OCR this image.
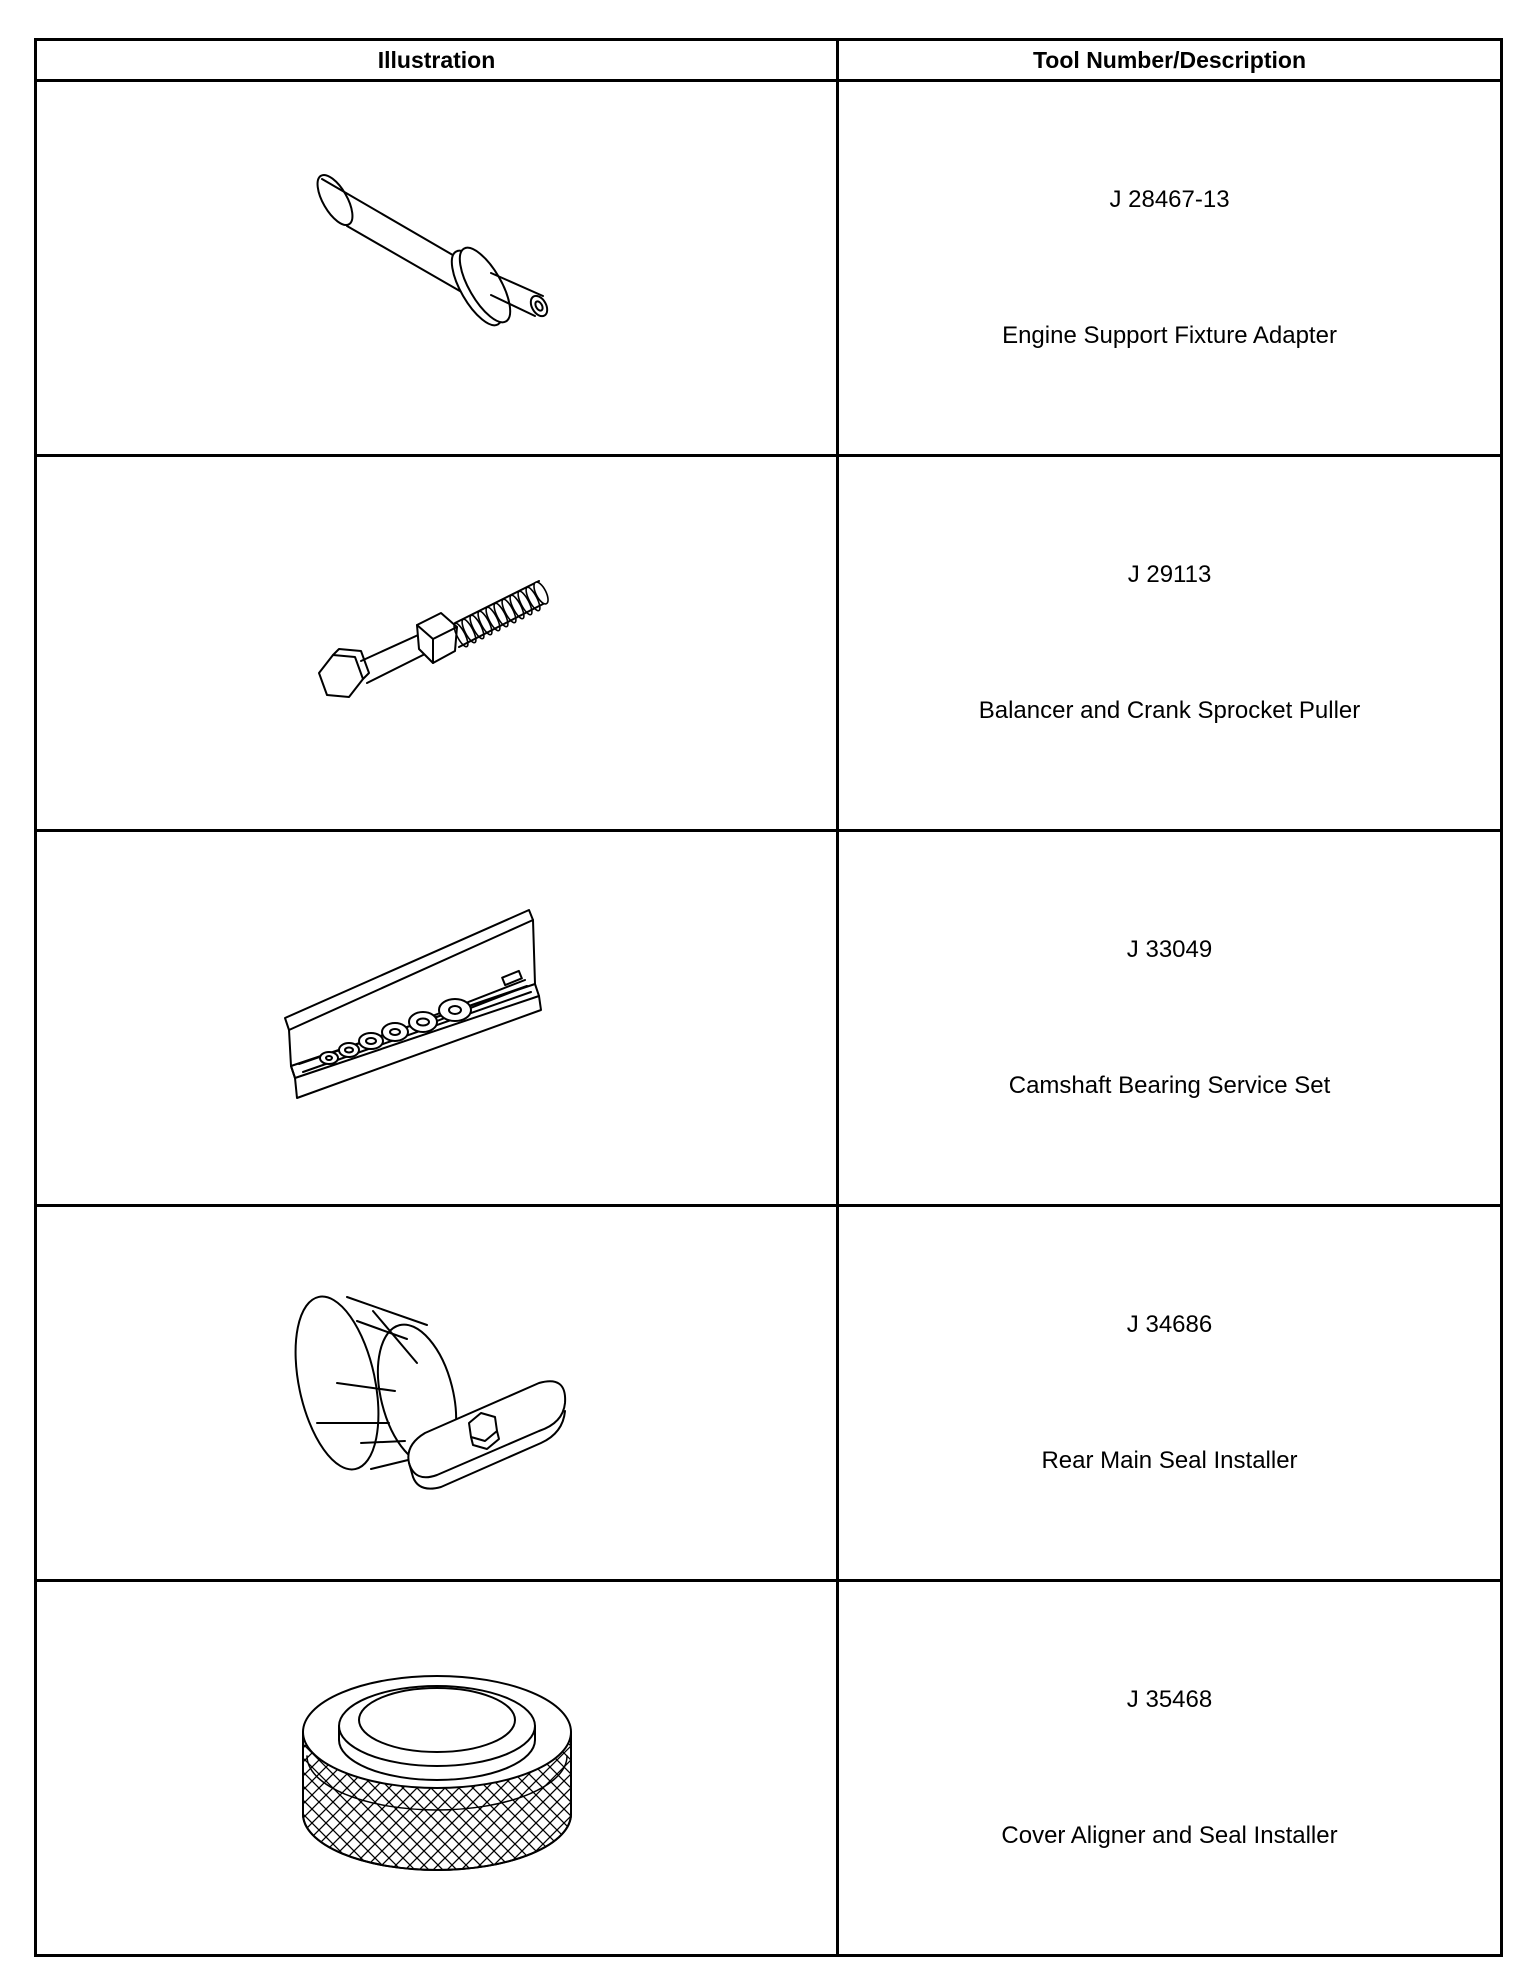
Illustration	Tool Number/Description

J 28467-13
Engine Support Fixture Adapter

J 29113
Balancer and Crank Sprocket Puller

J 33049
Camshaft Bearing Service Set

J 34686
Rear Main Seal Installer

J 35468
Cover Aligner and Seal Installer
